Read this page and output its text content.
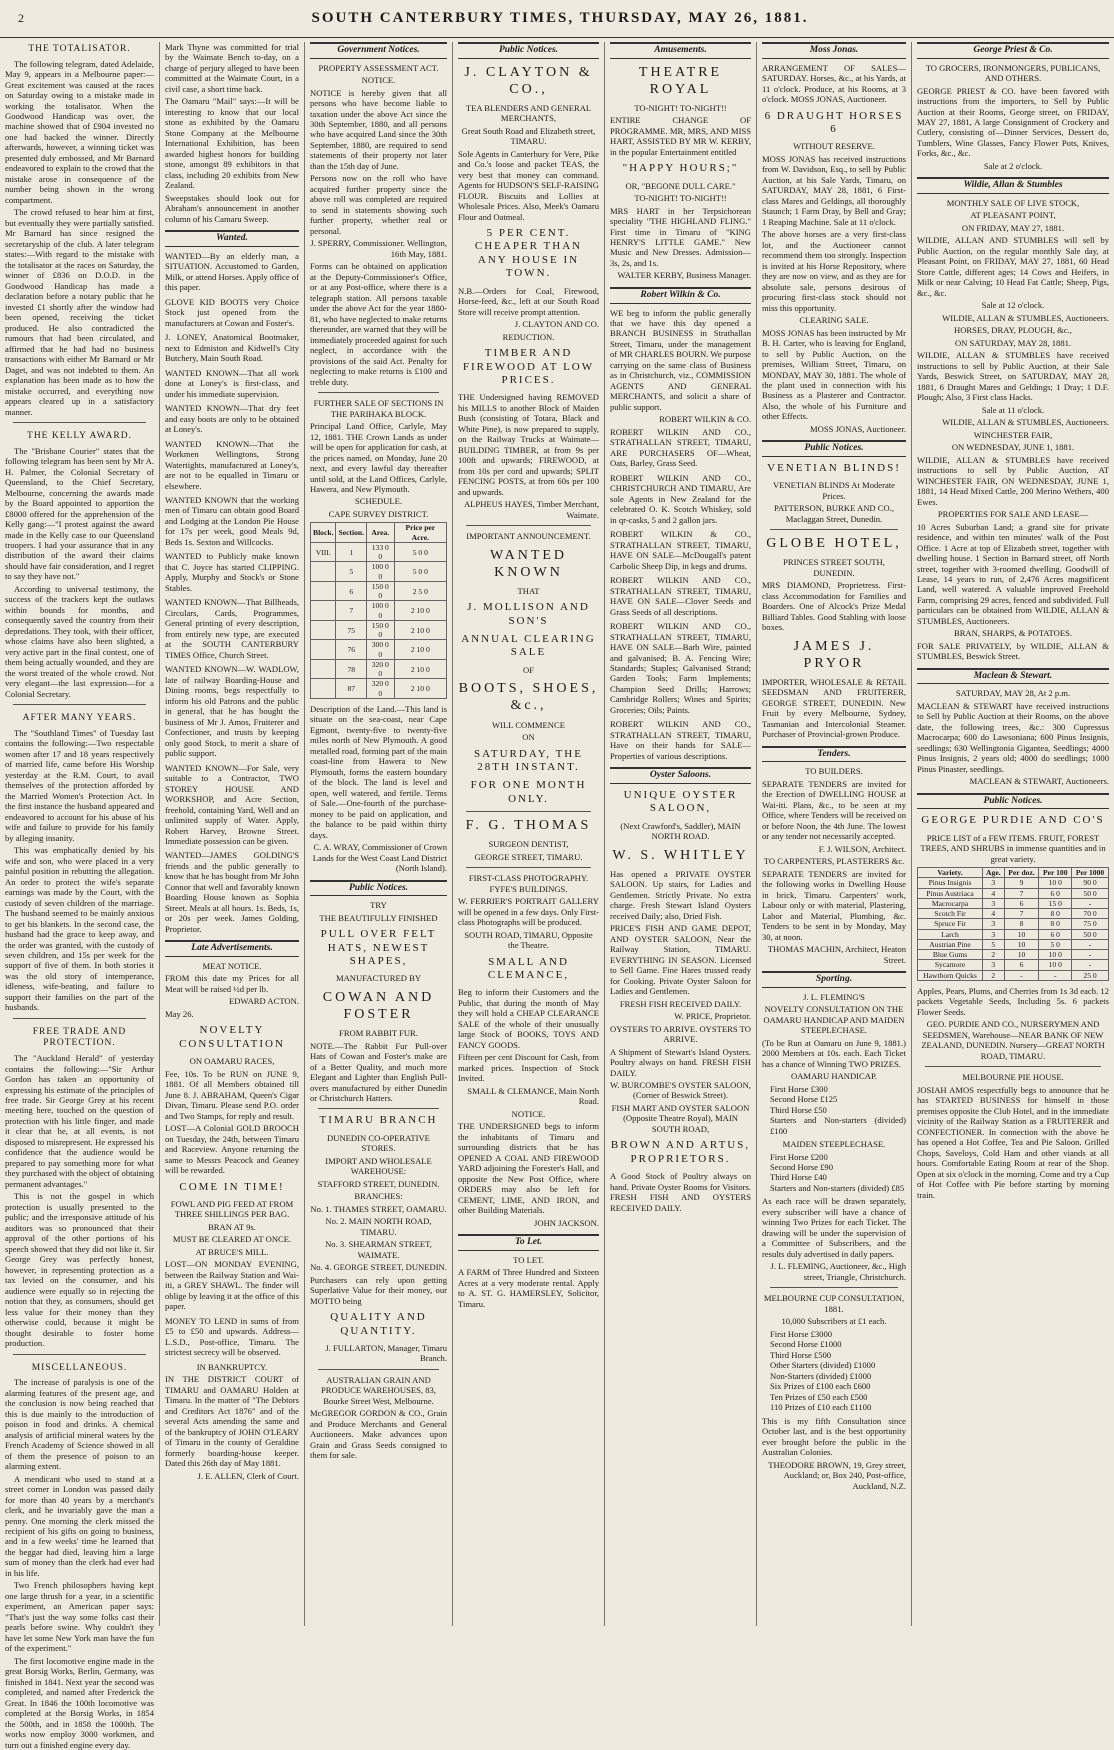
2	SOUTH CANTERBURY TIMES, THURSDAY, MAY 26, 1881.
THE TOTALISATOR.

The following telegram, dated Adelaide, May 9, appears in a Melbourne paper:—Great excitement was caused at the races on Saturday owing to a mistake made in working the totalisator. When the Goodwood Handicap was over, the machine showed that of £904 invested no one had backed the winner. Directly afterwards, however, a winning ticket was presented duly embossed, and Mr Barnard endeavored to explain to the crowd that the mistake arose in consequence of the number being shown in the wrong compartment.

The crowd refused to hear him at first, but eventually they were partially satisfied. Mr Barnard has since resigned the secretaryship of the club. A later telegram states:—With regard to the mistake with the totalisator at the races on Saturday, the winner of £836 on D.O.D. in the Goodwood Handicap has made a declaration before a notary public that he invested £1 shortly after the window had been opened, receiving the ticket produced. He also contradicted the rumours that had been circulated, and affirmed that he had had no business transactions with either Mr Barnard or Mr Daget, and was not indebted to them. An explanation has been made as to how the mistake occurred, and everything now appears cleared up in a satisfactory manner.

THE KELLY AWARD.

The "Brisbane Courier" states that the following telegram has been sent by Mr A. H. Palmer, the Colonial Secretary of Queensland, to the Chief Secretary, Melbourne, concerning the awards made by the Board appointed to apportion the £8000 offered for the apprehension of the Kelly gang:—"I protest against the award made in the Kelly case to our Queensland troopers. I had your assurance that in any distribution of the award their claims should have fair consideration, and I regret to say they have not."

According to universal testimony, the success of the trackers kept the outlaws within bounds for months, and consequently saved the country from their depredations. They took, with their officer, whose claims have also been slighted, a very active part in the final contest, one of them being actually wounded, and they are the worst treated of the whole crowd. Not very elegant—the last expression—for a Colonial Secretary.

AFTER MANY YEARS.

The "Southland Times" of Tuesday last contains the following:—Two respectable women after 17 and 18 years respectively of married life, came before His Worship yesterday at the R.M. Court, to avail themselves of the protection afforded by the Married Women's Protection Act. In the first instance the husband appeared and endeavored to account for his abuse of his wife and failure to provide for his family by alleging insanity.

This was emphatically denied by his wife and son, who were placed in a very painful position in rebutting the allegation. An order to protect the wife's separate earnings was made by the Court, with the custody of seven children of the marriage. The husband seemed to be mainly anxious to get his blankets. In the second case, the husband had the grace to keep away, and the order was granted, with the custody of seven children, and 15s per week for the support of five of them. In both stories it was the old story of intemperance, idleness, wife-beating, and failure to support their families on the part of the husbands.

FREE TRADE AND PROTECTION.

The "Auckland Herald" of yesterday contains the following:—"Sir Arthur Gordon has taken an opportunity of expressing his estimate of the principles of free trade. Sir George Grey at his recent meeting here, touched on the question of protection with his little finger, and made it clear that he, at all events, is not disposed to misrepresent. He expressed his confidence that the audience would be prepared to pay something more for what they purchased with the object of obtaining permanent advantages."

This is not the gospel in which protection is usually presented to the public; and the irresponsive attitude of his auditors was so pronounced that their approval of the other portions of his speech showed that they did not like it. Sir George Grey was perfectly honest, however, in representing protection as a tax levied on the consumer, and his audience were equally so in rejecting the notion that they, as consumers, should get less value for their money than they otherwise could, because it might be thought desirable to foster home production.

MISCELLANEOUS.

The increase of paralysis is one of the alarming features of the present age, and the conclusion is now being reached that this is due mainly to the introduction of poison in food and drinks. A chemical analysis of artificial mineral waters by the French Academy of Science showed in all of them the presence of poison to an alarming extent.

A mendicant who used to stand at a street corner in London was passed daily for more than 40 years by a merchant's clerk, and he invariably gave the man a penny. One morning the clerk missed the recipient of his gifts on going to business, and in a few weeks' time he learned that the beggar had died, leaving him a large sum of money than the clerk had ever had in his life.

Two French philosophers having kept one large thrush for a year, in a scientific experiment, an American paper says: "That's just the way some folks cast their pearls before swine. Why couldn't they have let some New York man have the fun of the experiment."

The first locomotive engine made in the great Borsig Works, Berlin, Germany, was finished in 1841. Next year the second was completed, and named after Frederick the Great. In 1846 the 100th locomotive was completed at the Borsig Works, in 1854 the 500th, and in 1858 the 1000th. The works now employ 3000 workmen, and turn out a finished engine every day.

Mark Thyne was committed for trial by the Waimate Bench to-day, on a charge of perjury alleged to have been committed at the Waimate Court, in a civil case, a short time back.

The Oamaru "Mail" says:—It will be interesting to know that our local stone as exhibited by the Oamaru Stone Company at the Melbourne International Exhibition, has been awarded highest honors for building stone, amongst 89 exhibitors in that class, including 20 exhibits from New Zealand.

Sweepstakes should look out for Abraham's announcement in another column of his Camaru Sweep.

Wanted.

WANTED—By an elderly man, a SITUATION. Accustomed to Garden, Milk, or attend Horses. Apply office of this paper.

GLOVE KID BOOTS very Choice Stock just opened from the manufacturers at Cowan and Foster's.

J. LONEY, Anatomical Bootmaker, next to Edmiston and Kidwell's City Butchery, Main South Road.

WANTED KNOWN—That all work done at Loney's is first-class, and under his immediate supervision.

WANTED KNOWN—That dry feet and easy boots are only to be obtained at Loney's.

WANTED KNOWN—That the Workmen Wellingtons, Strong Watertights, manufactured at Loney's, are not to be equalled in Timaru or elsewhere.

WANTED KNOWN that the working men of Timaru can obtain good Board and Lodging at the London Pie House for 17s per week, good Meals 9d, Beds 1s. Sexton and Willcocks.

WANTED to Publicly make known that C. Joyce has started CLIPPING. Apply, Murphy and Stock's or Stone Stables.

WANTED KNOWN—That Billheads, Circulars, Cards, Programmes, General printing of every description, from entirely new type, are executed at the SOUTH CANTERBURY TIMES Office, Church Street.

WANTED KNOWN—W. WADLOW, late of railway Boarding-House and Dining rooms, begs respectfully to inform his old Patrons and the public in general, that he has bought the business of Mr J. Amos, Fruiterer and Confectioner, and trusts by keeping only good Stock, to merit a share of public support.

WANTED KNOWN—For Sale, very suitable to a Contractor, TWO STOREY HOUSE AND WORKSHOP, and Acre Section, freehold, containing Yard, Well and an unlimited supply of Water. Apply, Robert Harvey, Browne Street. Immediate possession can be given.

WANTED—JAMES GOLDING'S friends and the public generally to know that he has bought from Mr John Connor that well and favorably known Boarding House known as Sophia Street. Meals at all hours. 1s. Beds, 1s, or 20s per week. James Golding, Proprietor.

Late Advertisements.

MEAT NOTICE.

FROM this date my Prices for all Meat will be raised ½d per lb.

EDWARD ACTON.

May 26.

NOVELTY CONSULTATION

ON OAMARU RACES,

Fee, 10s. To be RUN on JUNE 9, 1881. Of all Members obtained till June 8. J. ABRAHAM, Queen's Cigar Divan, Timaru. Please send P.O. order and Two Stamps, for reply and result.

LOST—A Colonial GOLD BROOCH on Tuesday, the 24th, between Timaru and Raceview. Anyone returning the same to Messrs Peacock and Geaney will be rewarded.

COME IN TIME!

FOWL AND PIG FEED AT FROM THREE SHILLINGS PER BAG.

BRAN AT 9s.

MUST BE CLEARED AT ONCE.

AT BRUCE'S MILL.

LOST—ON MONDAY EVENING, between the Railway Station and Wai-iti, a GREY SHAWL. The finder will oblige by leaving it at the office of this paper.

MONEY TO LEND in sums of from £5 to £50 and upwards. Address—L.S.D., Post-office, Timaru. The strictest secrecy will be observed.

IN BANKRUPTCY.

IN THE DISTRICT COURT of TIMARU and OAMARU Holden at Timaru. In the matter of "The Debtors and Creditors Act 1876" and of the several Acts amending the same and of the bankruptcy of JOHN O'LEARY of Timaru in the county of Geraldine formerly boarding-house keeper. Dated this 26th day of May 1881.

J. E. ALLEN, Clerk of Court.

Government Notices.

PROPERTY ASSESSMENT ACT.

NOTICE.

NOTICE is hereby given that all persons who have become liable to taxation under the above Act since the 30th September, 1880, and all persons who have acquired Land since the 30th September, 1880, are required to send statements of their property not later than the 15th day of June.

Persons now on the roll who have acquired further property since the above roll was completed are required to send in statements showing such further property, whether real or personal.

J. SPERRY, Commissioner. Wellington, 16th May, 1881.

Forms can be obtained on application at the Deputy-Commissioner's Office, or at any Post-office, where there is a telegraph station. All persons taxable under the above Act for the year 1880-81, who have neglected to make returns thereunder, are warned that they will be immediately proceeded against for such neglect, in accordance with the provisions of the said Act. Penalty for neglecting to make returns is £100 and treble duty.

FURTHER SALE OF SECTIONS IN THE PARIHAKA BLOCK.

Principal Land Office, Carlyle, May 12, 1881. THE Crown Lands as under will be open for application for cash, at the prices named, on Monday, June 20 next, and every lawful day thereafter until sold, at the Land Offices, Carlyle, Hawera, and New Plymouth.

SCHEDULE.

CAPE SURVEY DISTRICT.

Block.	Section.	Area.	Price per Acre.
VIII.	1	133 0 0	5 0 0
	5	100 0 0	5 0 0
	6	150 0 0	2 5 0
	7	100 0 0	2 10 0
	75	150 0 0	2 10 0
	76	300 0 0	2 10 0
	78	320 0 0	2 10 0
	87	320 0 0	2 10 0

Description of the Land.—This land is situate on the sea-coast, near Cape Egmont, twenty-five to twenty-five miles north of New Plymouth. A good metalled road, forming part of the main coast-line from Hawera to New Plymouth, forms the eastern boundary of the block. The land is level and open, well watered, and fertile. Terms of Sale.—One-fourth of the purchase-money to be paid on application, and the balance to be paid within thirty days.

C. A. WRAY, Commissioner of Crown Lands for the West Coast Land District (North Island).

Public Notices.

TRY

THE BEAUTIFULLY FINISHED

PULL OVER FELT HATS, NEWEST SHAPES,

MANUFACTURED BY

COWAN AND FOSTER

FROM RABBIT FUR.

NOTE.—The Rabbit Fur Pull-over Hats of Cowan and Foster's make are of a Better Quality, and much more Elegant and Lighter than English Pull-overs manufactured by either Dunedin or Christchurch Hatters.

TIMARU BRANCH

DUNEDIN CO-OPERATIVE STORES.

IMPORT AND WHOLESALE WAREHOUSE:

STAFFORD STREET, DUNEDIN.

BRANCHES:

No. 1. THAMES STREET, OAMARU.

No. 2. MAIN NORTH ROAD, TIMARU.

No. 3. SHEARMAN STREET, WAIMATE.

No. 4. GEORGE STREET, DUNEDIN.

Purchasers can rely upon getting Superlative Value for their money, our MOTTO being

QUALITY AND QUANTITY.

J. FULLARTON, Manager, Timaru Branch.

AUSTRALIAN GRAIN AND PRODUCE WAREHOUSES, 83, Bourke Street West, Melbourne.

McGREGOR GORDON & CO., Grain and Produce Merchants and General Auctioneers. Make advances upon Grain and Grass Seeds consigned to them for sale.

Public Notices.
J. CLAYTON & CO.,

TEA BLENDERS AND GENERAL MERCHANTS,

Great South Road and Elizabeth street, TIMARU.

Sole Agents in Canterbury for Vere, Pike and Co.'s loose and packet TEAS, the very best that money can command. Agents for HUDSON'S SELF-RAISING FLOUR. Biscuits and Lollies at Wholesale Prices. Also, Meek's Oamaru Flour and Oatmeal.

5 PER CENT. CHEAPER THAN ANY HOUSE IN TOWN.

N.B.—Orders for Coal, Firewood, Horse-feed, &c., left at our South Road Store will receive prompt attention.

J. CLAYTON AND CO.

REDUCTION.

TIMBER AND FIREWOOD AT LOW PRICES.

THE Undersigned having REMOVED his MILLS to another Block of Maiden Bush (consisting of Totara, Black and White Pine), is now prepared to supply, on the Railway Trucks at Waimate—BUILDING TIMBER, at from 9s per 100ft and upwards; FIREWOOD, at from 10s per cord and upwards; SPLIT FENCING POSTS, at from 60s per 100 and upwards.

ALPHEUS HAYES, Timber Merchant, Waimate.

IMPORTANT ANNOUNCEMENT.

WANTED KNOWN

THAT

J. MOLLISON AND SON'S
ANNUAL CLEARING SALE

OF

BOOTS, SHOES, &c.,

WILL COMMENCE

ON

SATURDAY, THE 28TH INSTANT.
FOR ONE MONTH ONLY.
F. G. THOMAS

SURGEON DENTIST,

GEORGE STREET, TIMARU.

FIRST-CLASS PHOTOGRAPHY. FYFE'S BUILDINGS.

W. FERRIER'S PORTRAIT GALLERY will be opened in a few days. Only First-class Photographs will be produced.

SOUTH ROAD, TIMARU, Opposite the Theatre.

SMALL AND CLEMANCE,

Beg to inform their Customers and the Public, that during the month of May they will hold a CHEAP CLEARANCE SALE of the whole of their unusually large Stock of BOOKS, TOYS AND FANCY GOODS.

Fifteen per cent Discount for Cash, from marked prices. Inspection of Stock Invited.

SMALL & CLEMANCE, Main North Road.

NOTICE.

THE UNDERSIGNED begs to inform the inhabitants of Timaru and surrounding districts that he has OPENED A COAL AND FIREWOOD YARD adjoining the Forester's Hall, and opposite the New Post Office, where ORDERS may also be left for CEMENT, LIME, AND IRON, and other Building Materials.

JOHN JACKSON.

To Let.

TO LET.

A FARM of Three Hundred and Sixteen Acres at a very moderate rental. Apply to A. ST. G. HAMERSLEY, Solicitor, Timaru.

Amusements.
THEATRE ROYAL

TO-NIGHT! TO-NIGHT!!

ENTIRE CHANGE OF PROGRAMME. MR, MRS, AND MISS HART, ASSISTED BY MR W. KERBY, in the popular Entertainment entitled

"HAPPY HOURS;"

OR, "BEGONE DULL CARE."

TO-NIGHT! TO-NIGHT!!

MRS HART in her Terpsichorean speciality "THE HIGHLAND FLING." First time in Timaru of "KING HENRY'S LITTLE GAME." New Music and New Dresses. Admission—3s, 2s, and 1s.

WALTER KERBY, Business Manager.

Robert Wilkin & Co.

WE beg to inform the public generally that we have this day opened a BRANCH BUSINESS in Strathallan Street, Timaru, under the management of MR CHARLES BOURN. We purpose carrying on the same class of Business as in Christchurch, viz., COMMISSION AGENTS AND GENERAL MERCHANTS, and solicit a share of public support.

ROBERT WILKIN & CO.

ROBERT WILKIN AND CO., STRATHALLAN STREET, TIMARU, ARE PURCHASERS OF—Wheat, Oats, Barley, Grass Seed.

ROBERT WILKIN AND CO., CHRISTCHURCH AND TIMARU, Are sole Agents in New Zealand for the celebrated O. K. Scotch Whiskey, sold in qr-casks, 5 and 2 gallon jars.

ROBERT WILKIN & CO., STRATHALLAN STREET, TIMARU, HAVE ON SALE—McDougall's patent Carbolic Sheep Dip, in kegs and drums.

ROBERT WILKIN AND CO., STRATHALLAN STREET, TIMARU, HAVE ON SALE—Clover Seeds and Grass Seeds of all descriptions.

ROBERT WILKIN AND CO., STRATHALLAN STREET, TIMARU, HAVE ON SALE—Barb Wire, painted and galvanised; B. A. Fencing Wire; Standards; Staples; Galvanised Strand; Garden Tools; Farm Implements; Champion Seed Drills; Harrows; Cambridge Rollers; Wines and Spirits; Groceries; Oils; Paints.

ROBERT WILKIN AND CO., STRATHALLAN STREET, TIMARU, Have on their hands for SALE—Properties of various descriptions.

Oyster Saloons.
UNIQUE OYSTER SALOON,

(Next Crawford's, Saddler), MAIN NORTH ROAD.

W. S. WHITLEY

Has opened a PRIVATE OYSTER SALOON. Up stairs, for Ladies and Gentlemen. Strictly Private. No extra charge. Fresh Stewart Island Oysters received Daily; also, Dried Fish.

PRICE'S FISH AND GAME DEPOT, AND OYSTER SALOON, Near the Railway Station, TIMARU. EVERYTHING IN SEASON. Licensed to Sell Game. Fine Hares trussed ready for Cooking. Private Oyster Saloon for Ladies and Gentlemen.

FRESH FISH RECEIVED DAILY.

W. PRICE, Proprietor.

OYSTERS TO ARRIVE. OYSTERS TO ARRIVE.

A Shipment of Stewart's Island Oysters. Poultry always on hand. FRESH FISH DAILY.

W. BURCOMBE'S OYSTER SALOON, (Corner of Beswick Street).

FISH MART AND OYSTER SALOON (Opposite Theatre Royal), MAIN SOUTH ROAD,

BROWN AND ARTUS, PROPRIETORS.

A Good Stock of Poultry always on hand. Private Oyster Rooms for Visitors. FRESH FISH AND OYSTERS RECEIVED DAILY.

Moss Jonas.

ARRANGEMENT OF SALES— SATURDAY. Horses, &c., at his Yards, at 11 o'clock. Produce, at his Rooms, at 3 o'clock. MOSS JONAS, Auctioneer.

6 DRAUGHT HORSES 6

WITHOUT RESERVE.

MOSS JONAS has received instructions from W. Davidson, Esq., to sell by Public Auction, at his Sale Yards, Timaru, on SATURDAY, MAY 28, 1881, 6 First-class Mares and Geldings, all thoroughly Staunch; 1 Farm Dray, by Bell and Gray; 1 Reaping Machine. Sale at 11 o'clock.

The above horses are a very first-class lot, and the Auctioneer cannot recommend them too strongly. Inspection is invited at his Horse Repository, where they are now on view, and as they are for absolute sale, persons desirous of procuring first-class stock should not miss this opportunity.

CLEARING SALE.

MOSS JONAS has been instructed by Mr B. H. Carter, who is leaving for England, to sell by Public Auction, on the premises, William Street, Timaru, on MONDAY, MAY 30, 1881. The whole of the plant used in connection with his Business as a Plasterer and Contractor. Also, the whole of his Furniture and other Effects.

MOSS JONAS, Auctioneer.

Public Notices.
VENETIAN BLINDS!

VENETIAN BLINDS At Moderate Prices.

PATTERSON, BURKE AND CO., Maclaggan Street, Dunedin.

GLOBE HOTEL,

PRINCES STREET SOUTH, DUNEDIN.

MRS DIAMOND, Proprietress. First-class Accommodation for Families and Boarders. One of Alcock's Prize Medal Billiard Tables. Good Stabling with loose boxes.

JAMES J. PRYOR

IMPORTER, WHOLESALE & RETAIL SEEDSMAN AND FRUITERER, GEORGE STREET, DUNEDIN. New Fruit by every Melbourne, Sydney, Tasmanian and Intercolonial Steamer. Purchaser of Provincial-grown Produce.

Tenders.

TO BUILDERS.

SEPARATE TENDERS are invited for the Erection of DWELLING HOUSE at Wai-iti. Plans, &c., to be seen at my Office, where Tenders will be received on or before Noon, the 4th June. The lowest or any tender not necessarily accepted.

F. J. WILSON, Architect.

TO CARPENTERS, PLASTERERS &c.

SEPARATE TENDERS are invited for the following works in Dwelling House in brick, Timaru. Carpenters' work, Labour only or with material, Plastering, Labor and Material, Plumbing, &c. Tenders to be sent in by Monday, May 30, at noon.

THOMAS MACHIN, Architect, Heaton Street.

Sporting.

J. L. FLEMING'S

NOVELTY CONSULTATION ON THE OAMARU HANDICAP AND MAIDEN STEEPLECHASE.

(To be Run at Oamaru on June 9, 1881.) 2000 Members at 10s. each. Each Ticket has a chance of Winning TWO PRIZES.

OAMARU HANDICAP.

First Horse £300
Second Horse £125
Third Horse £50
Starters and Non-starters (divided) £100

MAIDEN STEEPLECHASE.

First Horse £200
Second Horse £90
Third Horse £40
Starters and Non-starters (divided) £85

As each race will be drawn separately, every subscriber will have a chance of winning Two Prizes for each Ticket. The drawing will be under the supervision of a Committee of Subscribers, and the results duly advertised in daily papers.

J. L. FLEMING, Auctioneer, &c., High street, Triangle, Christchurch.

MELBOURNE CUP CONSULTATION, 1881.

10,000 Subscribers at £1 each.

First Horse £3000
Second Horse £1000
Third Horse £500
Other Starters (divided) £1000
Non-Starters (divided) £1000
Six Prizes of £100 each £600
Ten Prizes of £50 each £500
110 Prizes of £10 each £1100

This is my fifth Consultation since October last, and is the best opportunity ever brought before the public in the Australian Colonies.

THEODORE BROWN, 19, Grey street, Auckland; or, Box 240, Post-office, Auckland, N.Z.

George Priest & Co.

TO GROCERS, IRONMONGERS, PUBLICANS, AND OTHERS.

GEORGE PRIEST & CO. have been favored with instructions from the importers, to Sell by Public Auction at their Rooms, George street, on FRIDAY, MAY 27, 1881, A large Consignment of Crockery and Cutlery, consisting of—Dinner Services, Dessert do, Tumblers, Wine Glasses, Fancy Flower Pots, Knives, Forks, &c., &c.

Sale at 2 o'clock.

Wildie, Allan & Stumbles

MONTHLY SALE OF LIVE STOCK,

AT PLEASANT POINT,

ON FRIDAY, MAY 27, 1881.

WILDIE, ALLAN AND STUMBLES will sell by Public Auction, on the regular monthly Sale day, at Pleasant Point, on FRIDAY, MAY 27, 1881, 60 Head Store Cattle, different ages; 14 Cows and Heifers, in Milk or near Calving; 10 Head Fat Cattle; Sheep, Pigs, &c., &c.

Sale at 12 o'clock.

WILDIE, ALLAN & STUMBLES, Auctioneers.

HORSES, DRAY, PLOUGH, &c.,

ON SATURDAY, MAY 28, 1881.

WILDIE, ALLAN & STUMBLES have received instructions to sell by Public Auction, at their Sale Yards, Beswick Street, on SATURDAY, MAY 28, 1881, 6 Draught Mares and Geldings; 1 Dray; 1 D.F. Plough; Also, 3 First class Hacks.

Sale at 11 o'clock.

WILDIE, ALLAN & STUMBLES, Auctioneers.

WINCHESTER FAIR,

ON WEDNESDAY, JUNE 1, 1881.

WILDIE, ALLAN & STUMBLES have received instructions to sell by Public Auction, AT WINCHESTER FAIR, ON WEDNESDAY, JUNE 1, 1881, 14 Head Mixed Cattle, 200 Merino Wethers, 400 Ewes.

PROPERTIES FOR SALE AND LEASE—

10 Acres Suburban Land; a grand site for private residence, and within ten minutes' walk of the Post Office. 1 Acre at top of Elizabeth street, together with dwelling house. 1 Section in Barnard street, off North street, together with 3-roomed dwelling. Goodwill of Lease, 14 years to run, of 2,476 Acres magnificent Land, well watered. A valuable improved Freehold Farm, comprising 29 acres, fenced and subdivided. Full particulars can be obtained from WILDIE, ALLAN & STUMBLES, Auctioneers.

BRAN, SHARPS, & POTATOES.

FOR SALE PRIVATELY, by WILDIE, ALLAN & STUMBLES, Beswick Street.

Maclean & Stewart.

SATURDAY, MAY 28, At 2 p.m.

MACLEAN & STEWART have received instructions to Sell by Public Auction at their Rooms, on the above date, the following trees, &c.: 300 Cupressus Macrocarpa; 600 do Lawsoniana; 600 Pinus Insignis, seedlings; 630 Wellingtonia Gigantea, Seedlings; 4000 Pinus Insignis, 2 years old; 4000 do seedlings; 1000 Pinus Pinaster, seedlings.

MACLEAN & STEWART, Auctioneers.

Public Notices.
GEORGE PURDIE AND CO'S

PRICE LIST of a FEW ITEMS. FRUIT, FOREST TREES, AND SHRUBS in immense quantities and in great variety.

Variety.	Age.	Per doz.	Per 100	Per 1000
Pinus Insignis	3	9	10 0	90 0
Pinus Austriaca	4	7	6 0	50 0
Macrocarpa	3	6	15 0	-
Scotch Fir	4	7	8 0	70 0
Spruce Fir	3	8	8 0	75 0
Larch	3	10	6 0	50 0
Austrian Pine	5	10	5 0	-
Blue Gums	2	10	10 0	-
Sycamore	3	6	10 0	-
Hawthorn Quicks	2	-	-	25 0

Apples, Pears, Plums, and Cherries from 1s 3d each. 12 packets Vegetable Seeds, Including 5s. 6 packets Flower Seeds.

GEO. PURDIE AND CO., NURSERYMEN AND SEEDSMEN, Warehouse—NEAR BANK OF NEW ZEALAND, DUNEDIN. Nursery—GREAT NORTH ROAD, TIMARU.

MELBOURNE PIE HOUSE.

JOSIAH AMOS respectfully begs to announce that he has STARTED BUSINESS for himself in those premises opposite the Club Hotel, and in the immediate vicinity of the Railway Station as a FRUITERER and CONFECTIONER. In connection with the above he has opened a Hot Coffee, Tea and Pie Saloon. Grilled Chops, Saveloys, Cold Ham and other viands at all hours. Comfortable Eating Room at rear of the Shop. Open at six o'clock in the morning. Come and try a Cup of Hot Coffee with Pie before starting by morning train.
